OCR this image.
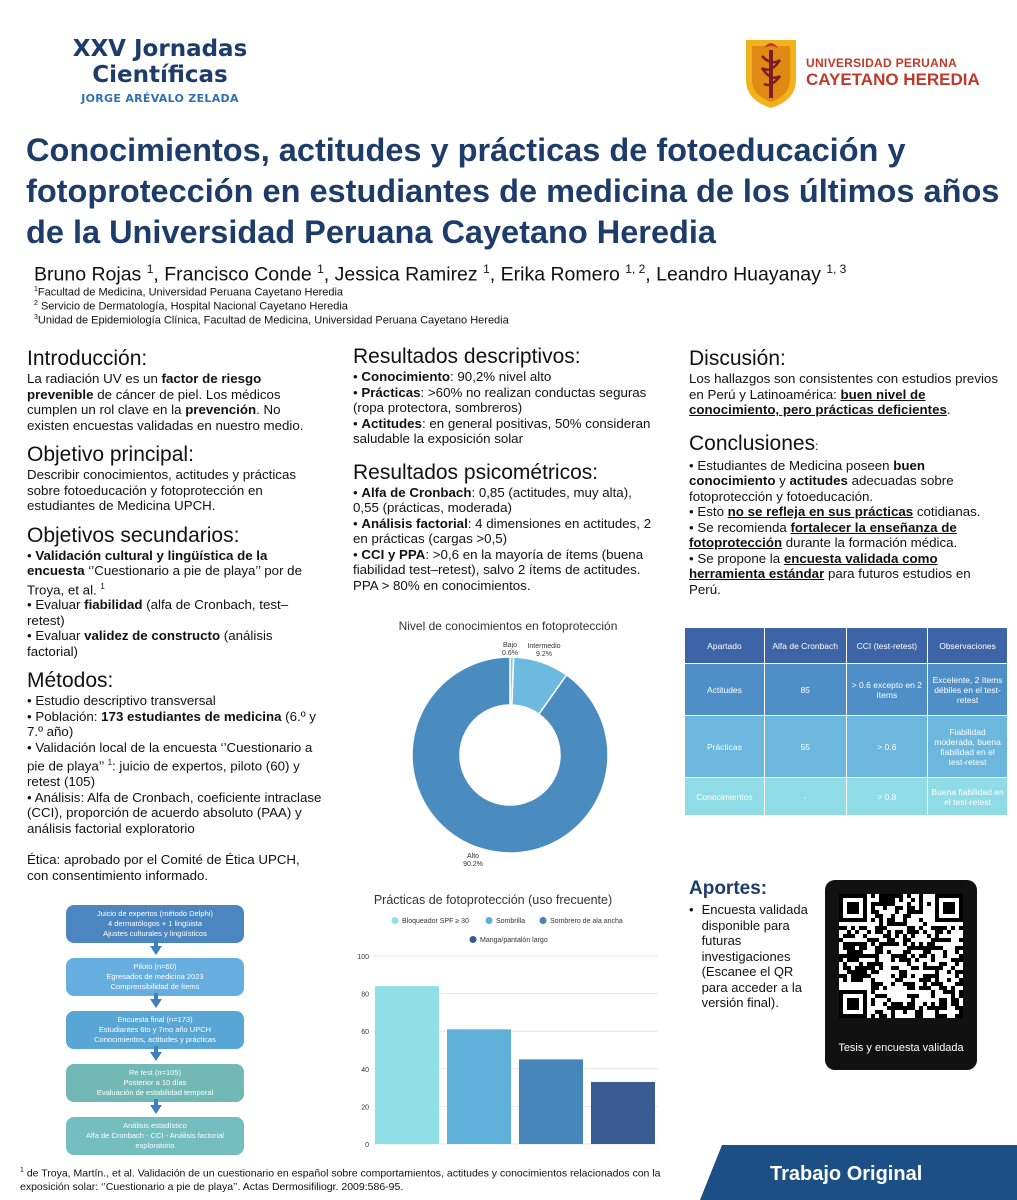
XXV Jornadas
Científicas
JORGE ARÉVALO ZELADA
UNIVERSIDAD PERUANA
CAYETANO HEREDIA
Conocimientos, actitudes y prácticas de fotoeducación y fotoprotección en estudiantes de medicina de los últimos años de la Universidad Peruana Cayetano Heredia
Bruno Rojas $^1$, Francisco Conde $^1$, Jessica Ramirez $^1$, Erika Romero $^{1, 2}$, Leandro Huayanay $^{1, 3}$
$^1$Facultad de Medicina, Universidad Peruana Cayetano Heredia
$^2$ Servicio de Dermatología, Hospital Nacional Cayetano Heredia
$^3$Unidad de Epidemiología Clínica, Facultad de Medicina, Universidad Peruana Cayetano Heredia
Introducción:

La radiación UV es un factor de riesgo prevenible de cáncer de piel. Los médicos cumplen un rol clave en la prevención. No existen encuestas validadas en nuestro medio.

Objetivo principal:

Describir conocimientos, actitudes y prácticas sobre fotoeducación y fotoprotección en estudiantes de Medicina UPCH.

Objetivos secundarios:

• Validación cultural y lingüística de la encuesta ‘’Cuestionario a pie de playa’’ por de Troya, et al. $^1$

• Evaluar fiabilidad (alfa de Cronbach, test–retest)

• Evaluar validez de constructo (análisis factorial)

Métodos:

• Estudio descriptivo transversal

• Población: 173 estudiantes de medicina (6.º y 7.º año)

• Validación local de la encuesta ‘’Cuestionario a pie de playa’’ $^1$: juicio de expertos, piloto (60) y retest (105)

• Análisis: Alfa de Cronbach, coeficiente intraclase (CCI), proporción de acuerdo absoluto (PAA) y análisis factorial exploratorio

Ética: aprobado por el Comité de Ética UPCH, con consentimiento informado.

Juicio de expertos (método Delphi)
4 dermatólogos + 1 lingüista
Ajustes culturales y lingüísticos
Piloto (n=60)
Egresados de medicina 2023
Comprensibilidad de ítems
Encuesta final (n=173)
Estudiantes 6to y 7mo año UPCH
Conocimientos, actitudes y prácticas
Re test (n=105)
Posterior a 10 días
Evaluación de estabilidad temporal
Análisis estadístico
Alfa de Cronbach - CCI - Análisis factorial
exploratorio
Resultados descriptivos:

• Conocimiento: 90,2% nivel alto

• Prácticas: >60% no realizan conductas seguras (ropa protectora, sombreros)

• Actitudes: en general positivas, 50% consideran saludable la exposición solar

Resultados psicométricos:

• Alfa de Cronbach: 0,85 (actitudes, muy alta), 0,55 (prácticas, moderada)

• Análisis factorial: 4 dimensiones en actitudes, 2 en prácticas (cargas >0,5)

• CCI y PPA: >0,6 en la mayoría de ítems (buena fiabilidad test–retest), salvo 2 ítems de actitudes. PPA > 80% en conocimientos.

Nivel de conocimientos en fotoprotección
Bajo
0.6%
Intermedio
9.2%
Alto
90.2%
Prácticas de fotoprotección (uso frecuente)
0
20
40
60
80
100
Bloqueador SPF ≥ 30	Sombrilla	Sombrero de ala ancha
Manga/pantalón largo
Discusión:

Los hallazgos son consistentes con estudios previos en Perú y Latinoamérica: buen nivel de conocimiento, pero prácticas deficientes.

Conclusiones:

• Estudiantes de Medicina poseen buen conocimiento y actitudes adecuadas sobre fotoprotección y fotoeducación.

• Esto no se refleja en sus prácticas cotidianas.

• Se recomienda fortalecer la enseñanza de fotoprotección durante la formación médica.

• Se propone la encuesta validada como herramienta estándar para futuros estudios en Perú.

Apartado	Alfa de Cronbach	CCI (test-retest)	Observaciones
Actitudes	85	> 0.6 excepto en 2 ítems	Excelente, 2 ítems débiles en el test-retest
Prácticas	55	> 0.6	Fiabilidad moderada, buena fiabilidad en el test-retest
Conocimientos	-	> 0.8	Buena fiabilidad en el test-retest
Aportes:
• Encuesta validada disponible para futuras investigaciones (Escanee el QR para acceder a la versión final).
Tesis y encuesta validada
$^1$ de Troya, Martín., et al. Validación de un cuestionario en español sobre comportamientos, actitudes y conocimientos relacionados con la exposición solar: ‘’Cuestionario a pie de playa’’. Actas Dermosifiliogr. 2009:586-95.
Trabajo Original
